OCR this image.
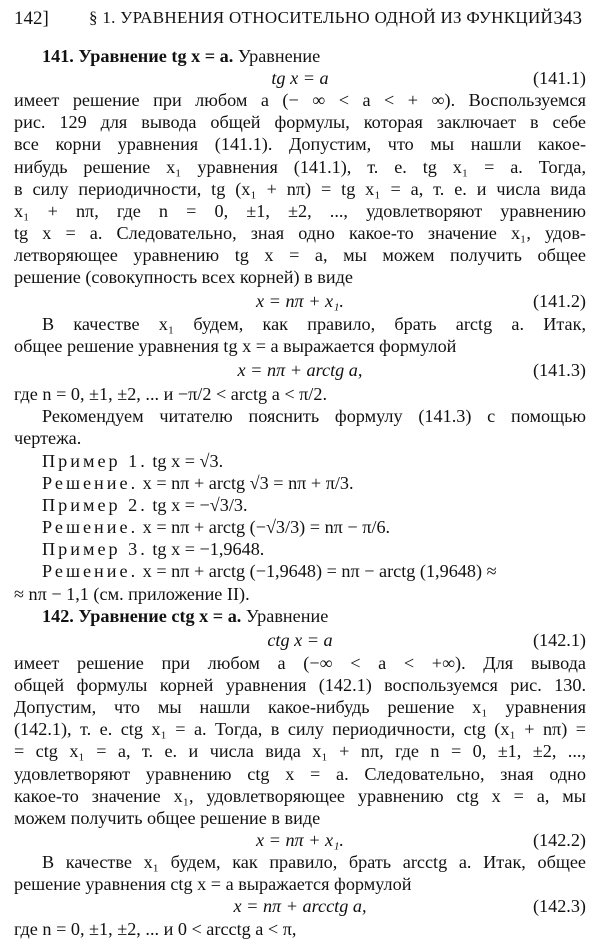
142] § 1. УРАВНЕНИЯ ОТНОСИТЕЛЬНО ОДНОЙ ИЗ ФУНКЦИЙ 343
141. Уравнение tg x = a. Уравнение
tg x = a	(141.1)
имеет решение при любом a (− ∞ < a < + ∞). Воспользуемся
рис. 129 для вывода общей формулы, которая заключает в себе
все корни уравнения (141.1). Допустим, что мы нашли какое-
нибудь решение x₁ уравнения (141.1), т. е. tg x₁ = a. Тогда,
в силу периодичности, tg (x₁ + nπ) = tg x₁ = a, т. е. и числа вида
x₁ + nπ, где n = 0, ±1, ±2, ..., удовлетворяют уравнению
tg x = a. Следовательно, зная одно какое-то значение x₁, удов-
летворяющее уравнению tg x = a, мы можем получить общее
решение (совокупность всех корней) в виде
x = nπ + x₁.	(141.2)
В качестве x₁ будем, как правило, брать arctg a. Итак,
общее решение уравнения tg x = a выражается формулой
x = nπ + arctg a,	(141.3)
где n = 0, ±1, ±2, ... и −π/2 < arctg a < π/2.
Рекомендуем читателю пояснить формулу (141.3) с помощью
чертежа.
Пример 1. tg x = √3.
Решение. x = nπ + arctg √3 = nπ + π/3.
Пример 2. tg x = −√3/3.
Решение. x = nπ + arctg (−√3/3) = nπ − π/6.
Пример 3. tg x = −1,9648.
Решение. x = nπ + arctg (−1,9648) = nπ − arctg (1,9648) ≈
≈ nπ − 1,1 (см. приложение II).
142. Уравнение ctg x = a. Уравнение
ctg x = a	(142.1)
имеет решение при любом a (−∞ < a < +∞). Для вывода
общей формулы корней уравнения (142.1) воспользуемся рис. 130.
Допустим, что мы нашли какое-нибудь решение x₁ уравнения
(142.1), т. е. ctg x₁ = a. Тогда, в силу периодичности, ctg (x₁ + nπ) =
= ctg x₁ = a, т. е. и числа вида x₁ + nπ, где n = 0, ±1, ±2, ...,
удовлетворяют уравнению ctg x = a. Следовательно, зная одно
какое-то значение x₁, удовлетворяющее уравнению ctg x = a, мы
можем получить общее решение в виде
x = nπ + x₁.	(142.2)
В качестве x₁ будем, как правило, брать arcctg a. Итак, общее
решение уравнения ctg x = a выражается формулой
x = nπ + arcctg a,	(142.3)
где n = 0, ±1, ±2, ... и 0 < arcctg a < π,
